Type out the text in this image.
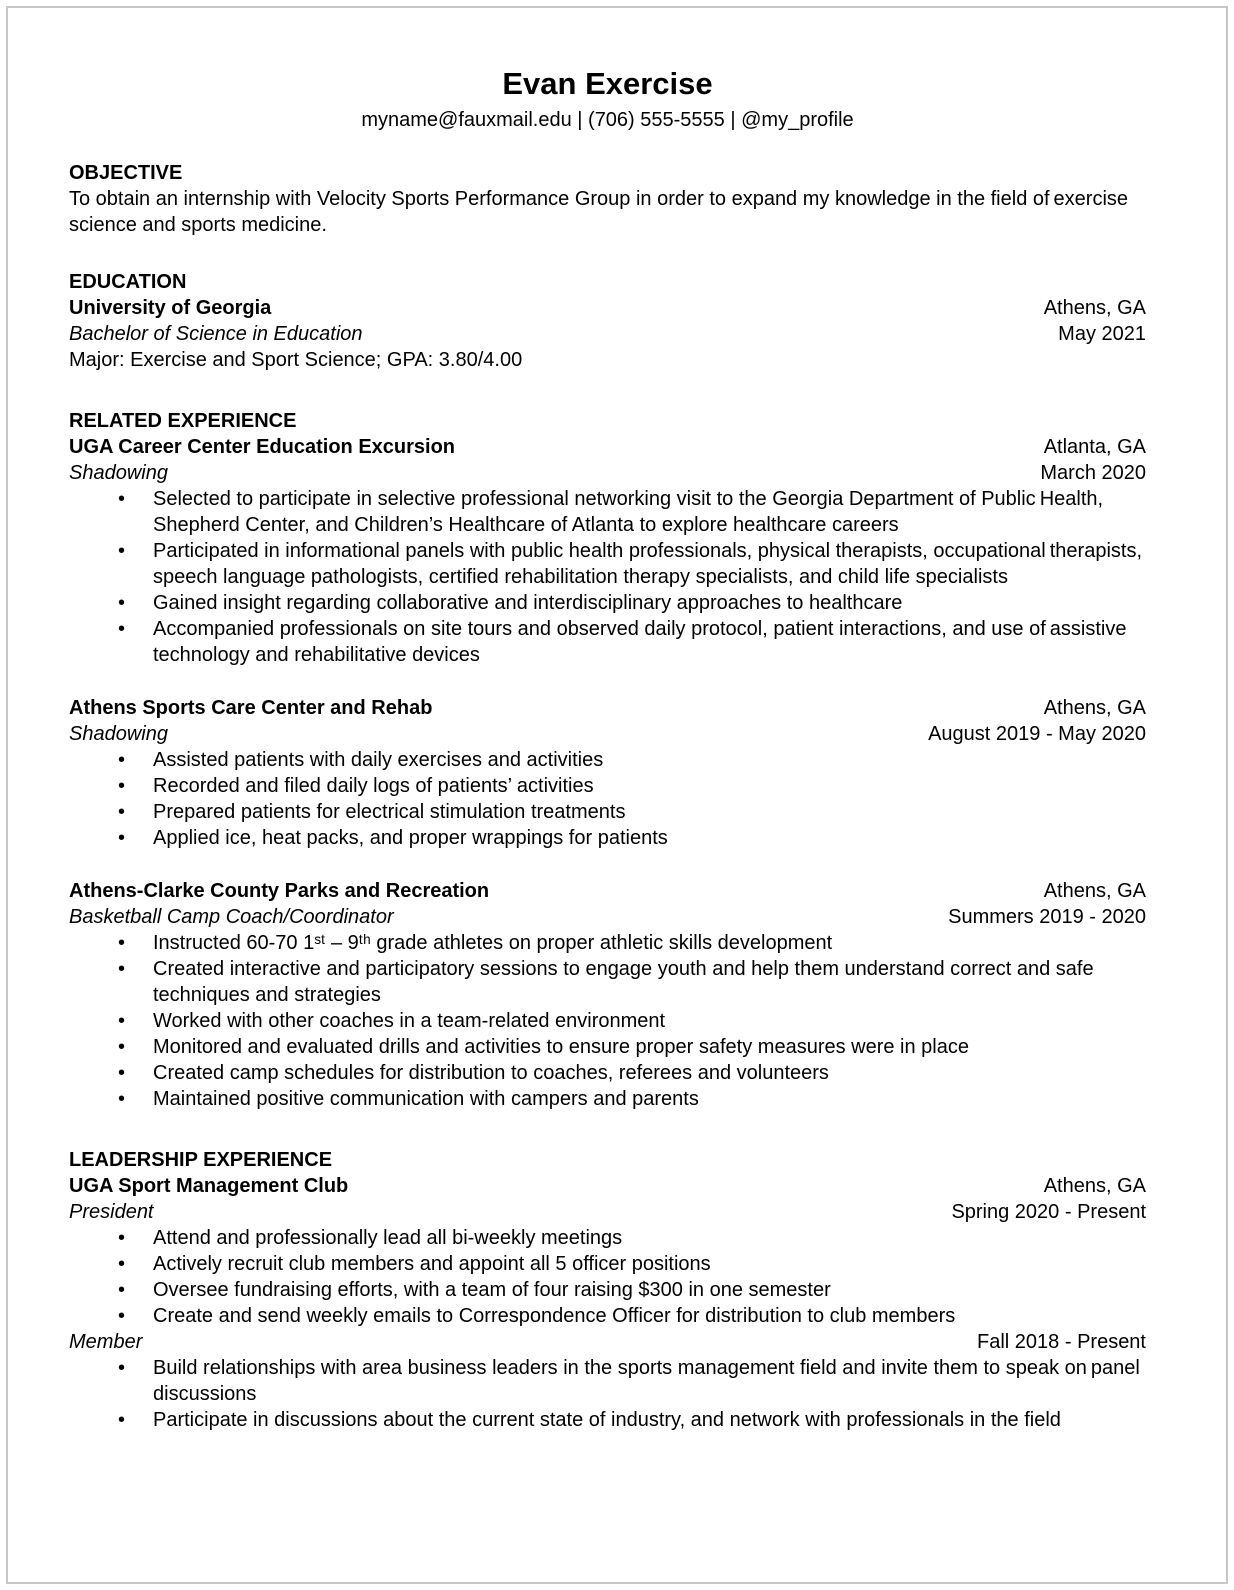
Evan Exercise
myname@fauxmail.edu | (706) 555-5555 | @my_profile
OBJECTIVE

To obtain an internship with Velocity Sports Performance Group in order to expand my knowledge in the field of exercise science and sports medicine.

EDUCATION
University of Georgia	Athens, GA
Bachelor of Science in Education	May 2021
Major: Exercise and Sport Science; GPA: 3.80/4.00
RELATED EXPERIENCE
UGA Career Center Education Excursion	Atlanta, GA
Shadowing	March 2020
• Selected to participate in selective professional networking visit to the Georgia Department of Public Health, Shepherd Center, and Children’s Healthcare of Atlanta to explore healthcare careers
• Participated in informational panels with public health professionals, physical therapists, occupational therapists, speech language pathologists, certified rehabilitation therapy specialists, and child life specialists
• Gained insight regarding collaborative and interdisciplinary approaches to healthcare
• Accompanied professionals on site tours and observed daily protocol, patient interactions, and use of assistive technology and rehabilitative devices
Athens Sports Care Center and Rehab	Athens, GA
Shadowing	August 2019 - May 2020
• Assisted patients with daily exercises and activities
• Recorded and filed daily logs of patients’ activities
• Prepared patients for electrical stimulation treatments
• Applied ice, heat packs, and proper wrappings for patients
Athens-Clarke County Parks and Recreation	Athens, GA
Basketball Camp Coach/Coordinator	Summers 2019 - 2020
• Instructed 60-70 1ˢᵗ – 9ᵗʰ grade athletes on proper athletic skills development
• Created interactive and participatory sessions to engage youth and help them understand correct and safe techniques and strategies
• Worked with other coaches in a team-related environment
• Monitored and evaluated drills and activities to ensure proper safety measures were in place
• Created camp schedules for distribution to coaches, referees and volunteers
• Maintained positive communication with campers and parents
LEADERSHIP EXPERIENCE
UGA Sport Management Club	Athens, GA
President	Spring 2020 - Present
• Attend and professionally lead all bi-weekly meetings
• Actively recruit club members and appoint all 5 officer positions
• Oversee fundraising efforts, with a team of four raising $300 in one semester
• Create and send weekly emails to Correspondence Officer for distribution to club members
Member	Fall 2018 - Present
• Build relationships with area business leaders in the sports management field and invite them to speak on panel discussions
• Participate in discussions about the current state of industry, and network with professionals in the field
